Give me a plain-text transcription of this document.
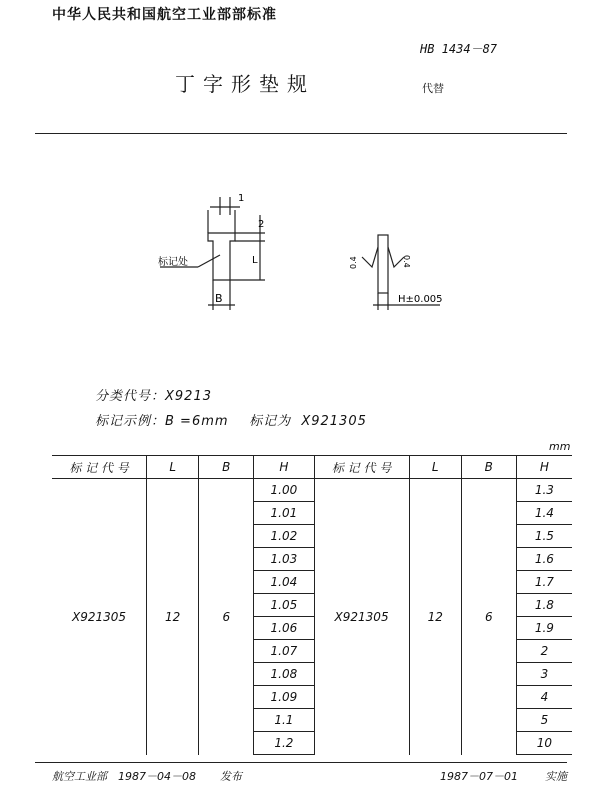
中华人民共和国航空工业部部标准
HB 1434－87
丁字形垫规	代替
1
2
L
B
标记处
H±0.005
0.4	0.4
分类代号：X9213
标记示例：B =6mm    标记为  X921305
mm
标 记 代 号	L	B	H	标 记 代 号	L	B	H
X921305	12	6	1.00	X921305	12	6	1.3
			1.01				1.4
			1.02				1.5
			1.03				1.6
			1.04				1.7
			1.05				1.8
			1.06				1.9
			1.07				2
			1.08				3
			1.09				4
			1.1				5
			1.2				10
航空工业部 1987－04－08 发布	1987－07－01 实施
